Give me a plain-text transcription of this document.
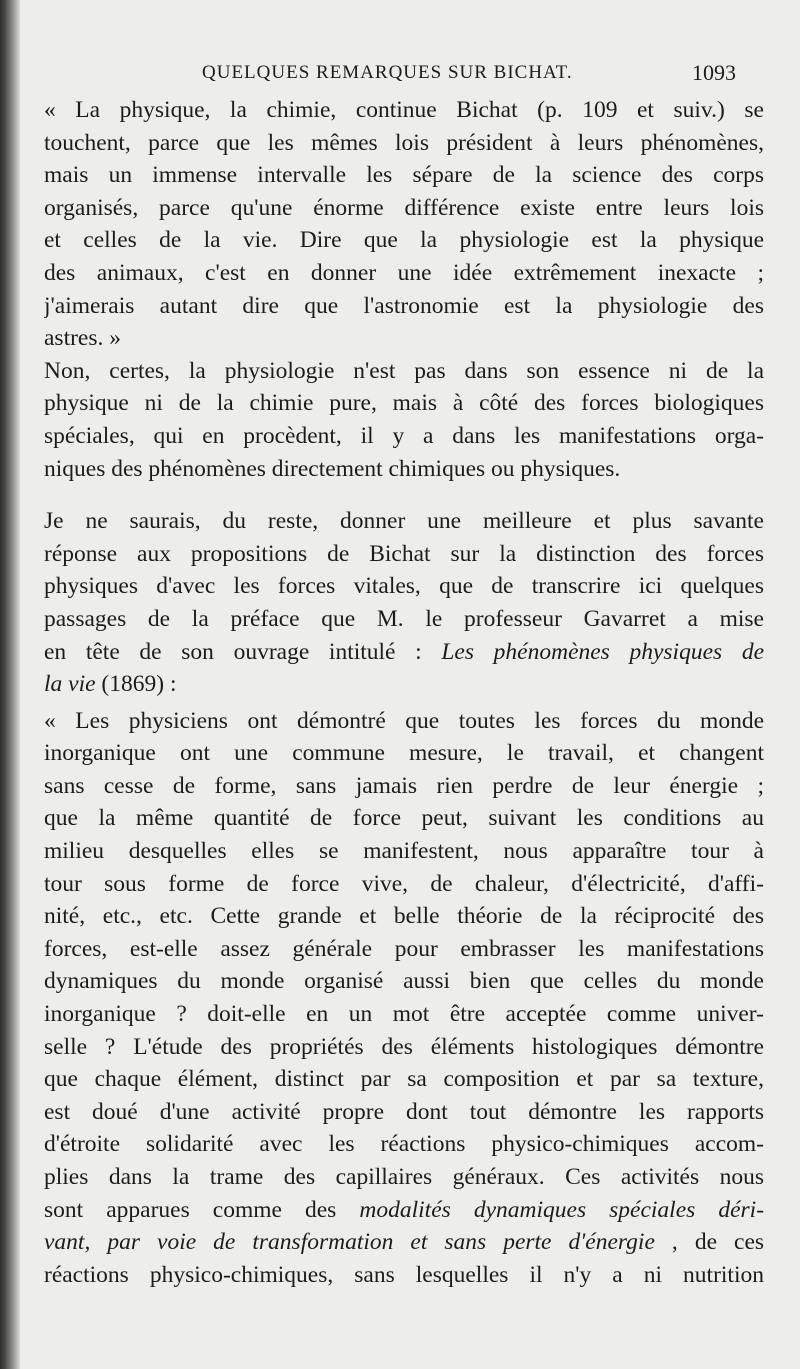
QUELQUES REMARQUES SUR BICHAT.	1093
« La physique, la chimie, continue Bichat (p. 109 et suiv.) se
touchent, parce que les mêmes lois président à leurs phénomènes,
mais un immense intervalle les sépare de la science des corps
organisés, parce qu'une énorme différence existe entre leurs lois
et celles de la vie. Dire que la physiologie est la physique
des animaux, c'est en donner une idée extrêmement inexacte ;
j'aimerais autant dire que l'astronomie est la physiologie des
astres. »
Non, certes, la physiologie n'est pas dans son essence ni de la
physique ni de la chimie pure, mais à côté des forces biologiques
spéciales, qui en procèdent, il y a dans les manifestations orga-
niques des phénomènes directement chimiques ou physiques.
Je ne saurais, du reste, donner une meilleure et plus savante
réponse aux propositions de Bichat sur la distinction des forces
physiques d'avec les forces vitales, que de transcrire ici quelques
passages de la préface que M. le professeur Gavarret a mise
en tête de son ouvrage intitulé : Les phénomènes physiques de
la vie (1869) :
« Les physiciens ont démontré que toutes les forces du monde
inorganique ont une commune mesure, le travail, et changent
sans cesse de forme, sans jamais rien perdre de leur énergie ;
que la même quantité de force peut, suivant les conditions au
milieu desquelles elles se manifestent, nous apparaître tour à
tour sous forme de force vive, de chaleur, d'électricité, d'affi-
nité, etc., etc. Cette grande et belle théorie de la réciprocité des
forces, est-elle assez générale pour embrasser les manifestations
dynamiques du monde organisé aussi bien que celles du monde
inorganique ? doit-elle en un mot être acceptée comme univer-
selle ? L'étude des propriétés des éléments histologiques démontre
que chaque élément, distinct par sa composition et par sa texture,
est doué d'une activité propre dont tout démontre les rapports
d'étroite solidarité avec les réactions physico-chimiques accom-
plies dans la trame des capillaires généraux. Ces activités nous
sont apparues comme des modalités dynamiques spéciales déri-
vant, par voie de transformation et sans perte d'énergie , de ces
réactions physico-chimiques, sans lesquelles il n'y a ni nutrition
